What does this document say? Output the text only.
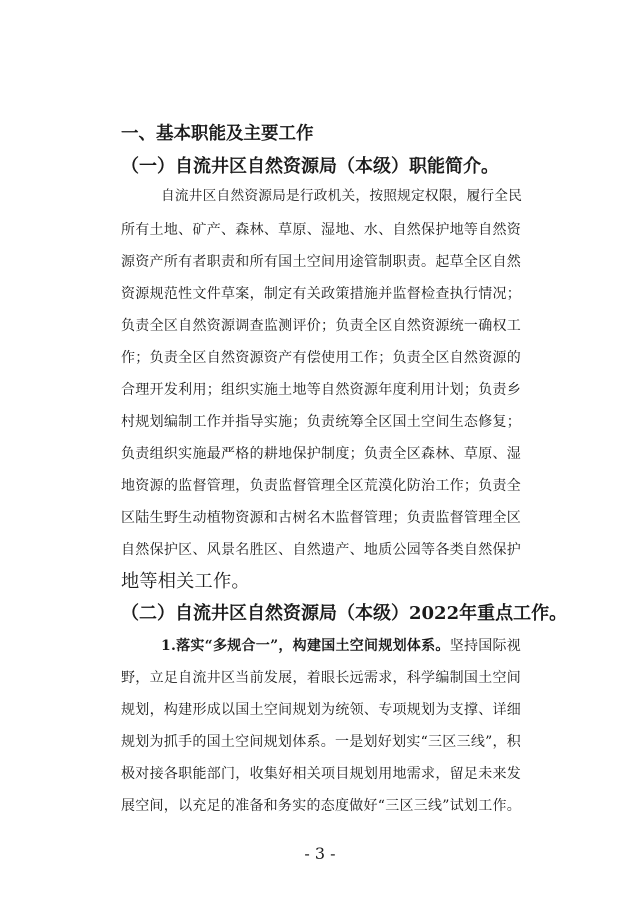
一、基本职能及主要工作
（一）自流井区自然资源局（本级）职能简介。
自流井区自然资源局是行政机关，按照规定权限，履行全民
所有土地、矿产、森林、草原、湿地、水、自然保护地等自然资
源资产所有者职责和所有国土空间用途管制职责。起草全区自然
资源规范性文件草案，制定有关政策措施并监督检查执行情况；
负责全区自然资源调查监测评价；负责全区自然资源统一确权工
作；负责全区自然资源资产有偿使用工作；负责全区自然资源的
合理开发利用；组织实施土地等自然资源年度利用计划；负责乡
村规划编制工作并指导实施；负责统筹全区国土空间生态修复；
负责组织实施最严格的耕地保护制度；负责全区森林、草原、湿
地资源的监督管理，负责监督管理全区荒漠化防治工作；负责全
区陆生野生动植物资源和古树名木监督管理；负责监督管理全区
自然保护区、风景名胜区、自然遗产、地质公园等各类自然保护
地等相关工作。
（二）自流井区自然资源局（本级）2022年重点工作。
1.落实“多规合一”，构建国土空间规划体系。坚持国际视
野，立足自流井区当前发展，着眼长远需求，科学编制国土空间
规划，构建形成以国土空间规划为统领、专项规划为支撑、详细
规划为抓手的国土空间规划体系。一是划好划实“三区三线”，积
极对接各职能部门，收集好相关项目规划用地需求，留足未来发
展空间，以充足的准备和务实的态度做好“三区三线”试划工作。
- 3 -
